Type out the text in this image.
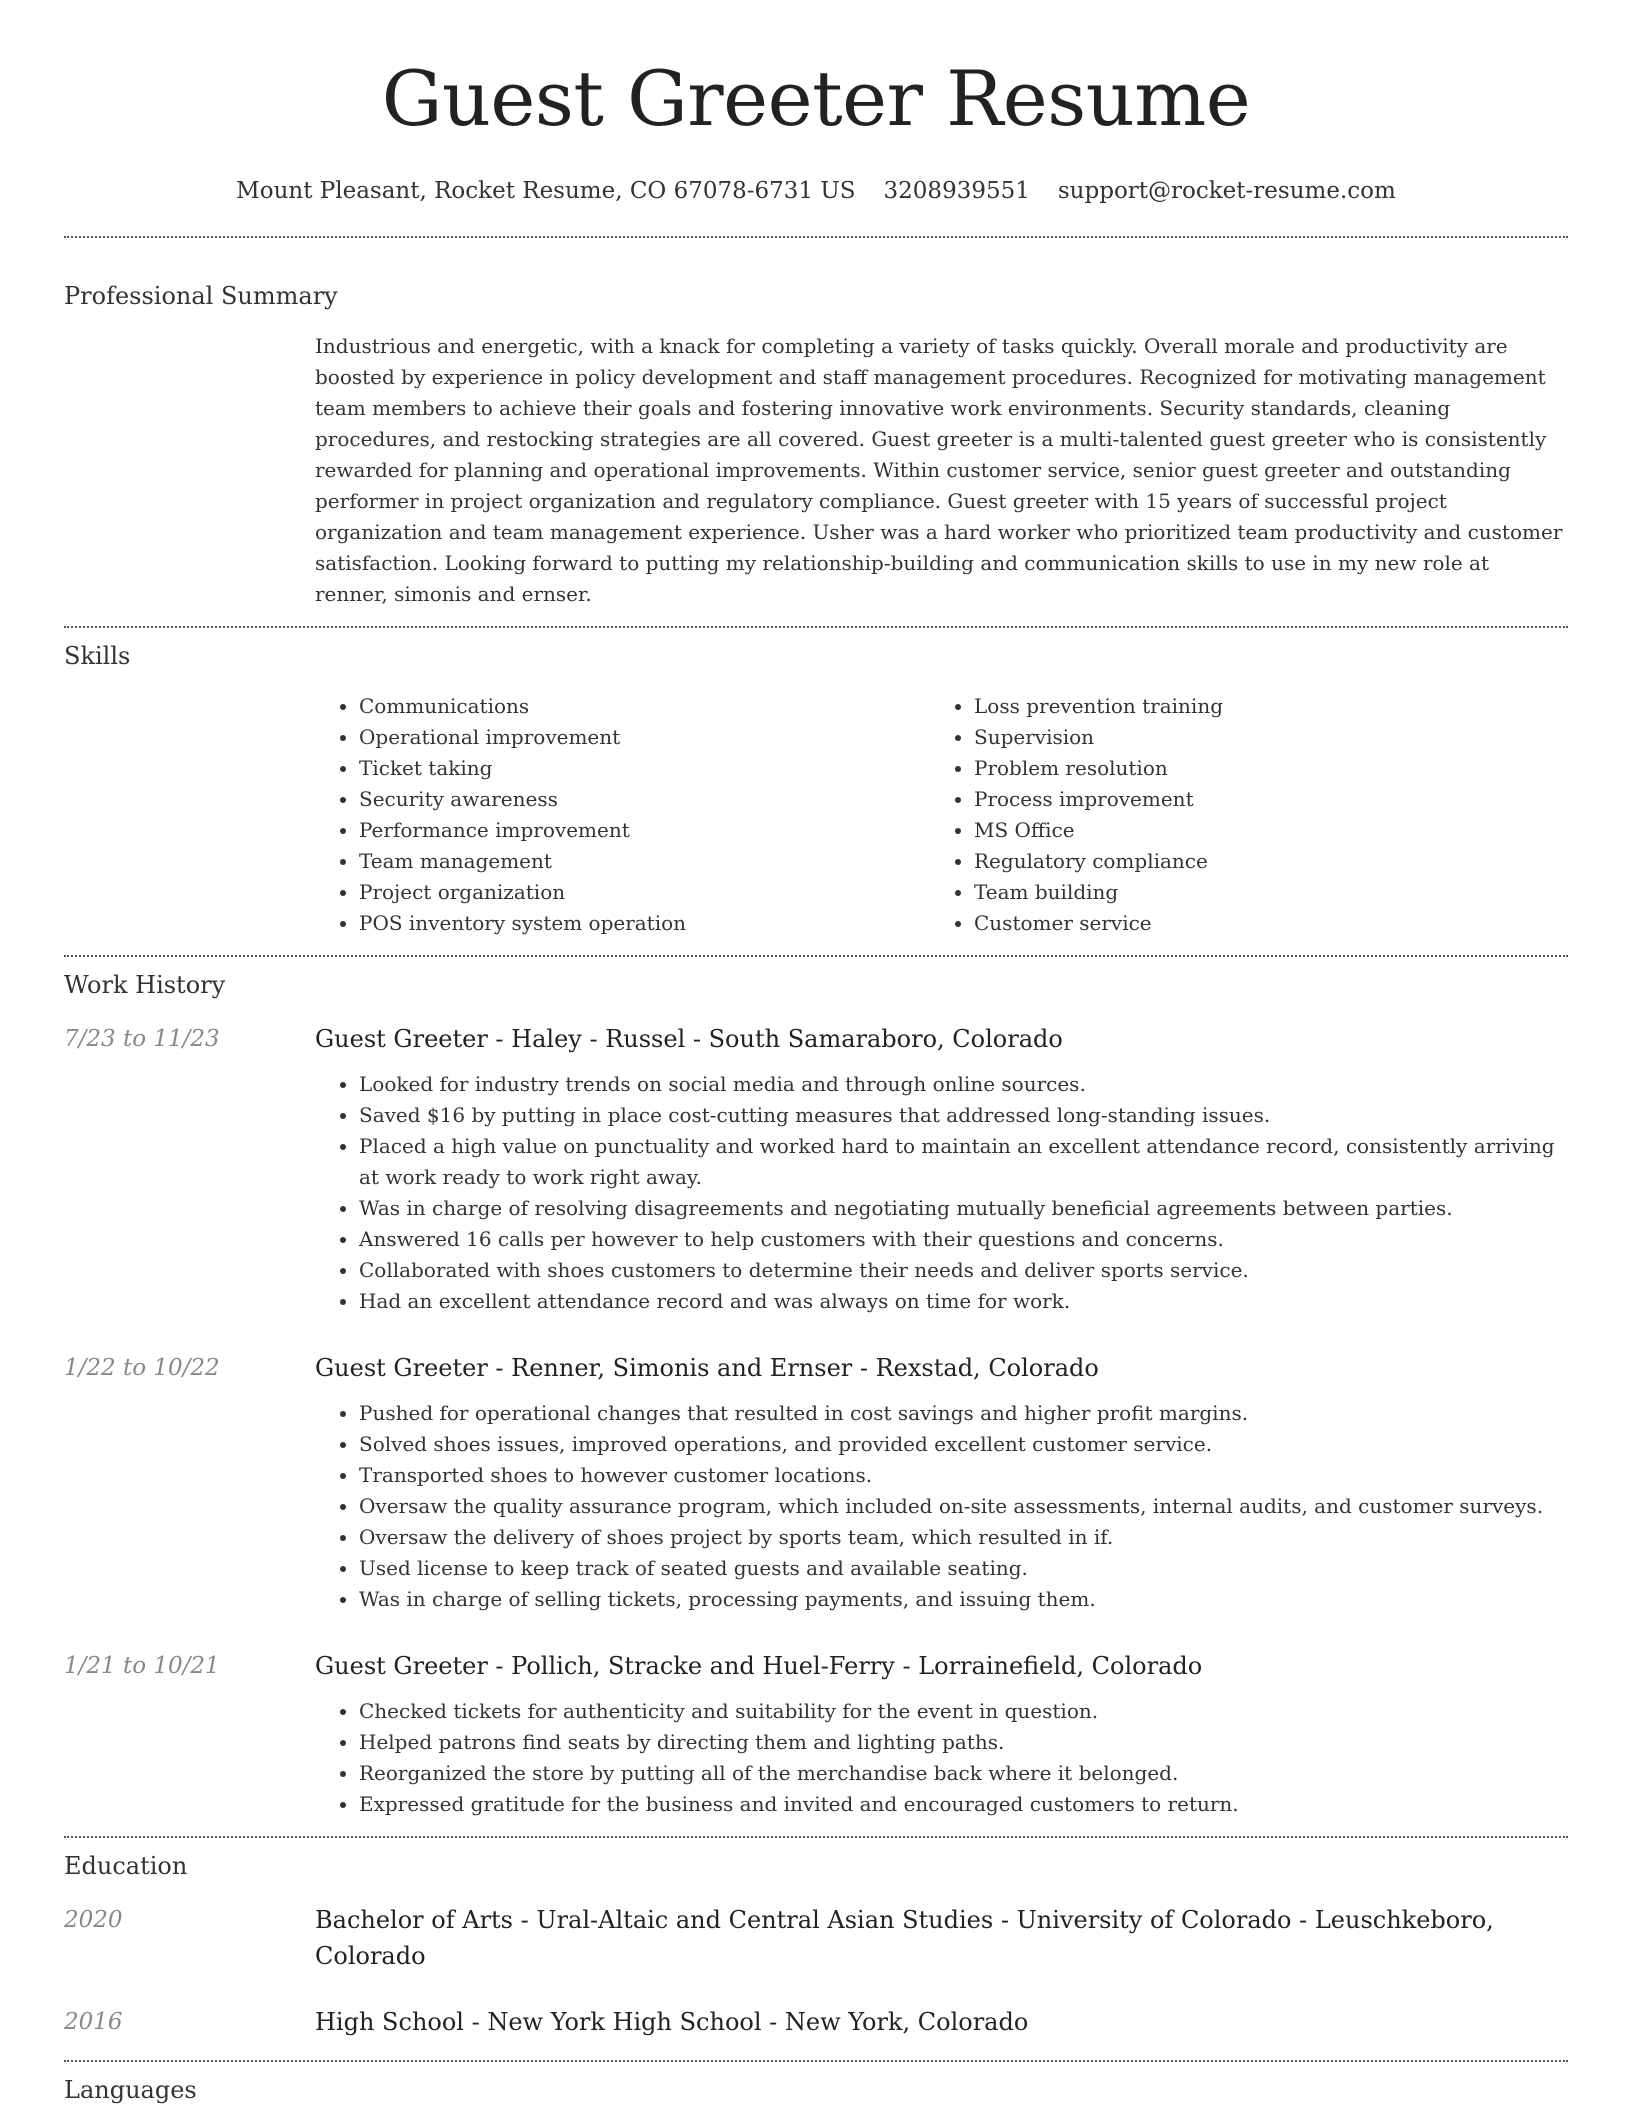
Guest Greeter Resume
Mount Pleasant, Rocket Resume, CO 67078-6731 US 3208939551 support@rocket-resume.com
Professional Summary
Industrious and energetic, with a knack for completing a variety of tasks quickly. Overall morale and productivity are boosted by experience in policy development and staff management procedures. Recognized for motivating management team members to achieve their goals and fostering innovative work environments. Security standards, cleaning procedures, and restocking strategies are all covered. Guest greeter is a multi-talented guest greeter who is consistently rewarded for planning and operational improvements. Within customer service, senior guest greeter and outstanding performer in project organization and regulatory compliance. Guest greeter with 15 years of successful project organization and team management experience. Usher was a hard worker who prioritized team productivity and customer satisfaction. Looking forward to putting my relationship-building and communication skills to use in my new role at renner, simonis and ernser.
Skills
• Communications
• Operational improvement
• Ticket taking
• Security awareness
• Performance improvement
• Team management
• Project organization
• POS inventory system operation
• Loss prevention training
• Supervision
• Problem resolution
• Process improvement
• MS Office
• Regulatory compliance
• Team building
• Customer service
Work History
7/23 to 11/23	Guest Greeter - Haley - Russel - South Samaraboro, Colorado
• Looked for industry trends on social media and through online sources.
• Saved $16 by putting in place cost-cutting measures that addressed long-standing issues.
• Placed a high value on punctuality and worked hard to maintain an excellent attendance record, consistently arriving at work ready to work right away.
• Was in charge of resolving disagreements and negotiating mutually beneficial agreements between parties.
• Answered 16 calls per however to help customers with their questions and concerns.
• Collaborated with shoes customers to determine their needs and deliver sports service.
• Had an excellent attendance record and was always on time for work.
1/22 to 10/22	Guest Greeter - Renner, Simonis and Ernser - Rexstad, Colorado
• Pushed for operational changes that resulted in cost savings and higher profit margins.
• Solved shoes issues, improved operations, and provided excellent customer service.
• Transported shoes to however customer locations.
• Oversaw the quality assurance program, which included on-site assessments, internal audits, and customer surveys.
• Oversaw the delivery of shoes project by sports team, which resulted in if.
• Used license to keep track of seated guests and available seating.
• Was in charge of selling tickets, processing payments, and issuing them.
1/21 to 10/21	Guest Greeter - Pollich, Stracke and Huel-Ferry - Lorrainefield, Colorado
• Checked tickets for authenticity and suitability for the event in question.
• Helped patrons find seats by directing them and lighting paths.
• Reorganized the store by putting all of the merchandise back where it belonged.
• Expressed gratitude for the business and invited and encouraged customers to return.
Education
2020	Bachelor of Arts - Ural-Altaic and Central Asian Studies - University of Colorado - Leuschkeboro, Colorado
2016	High School - New York High School - New York, Colorado
Languages
